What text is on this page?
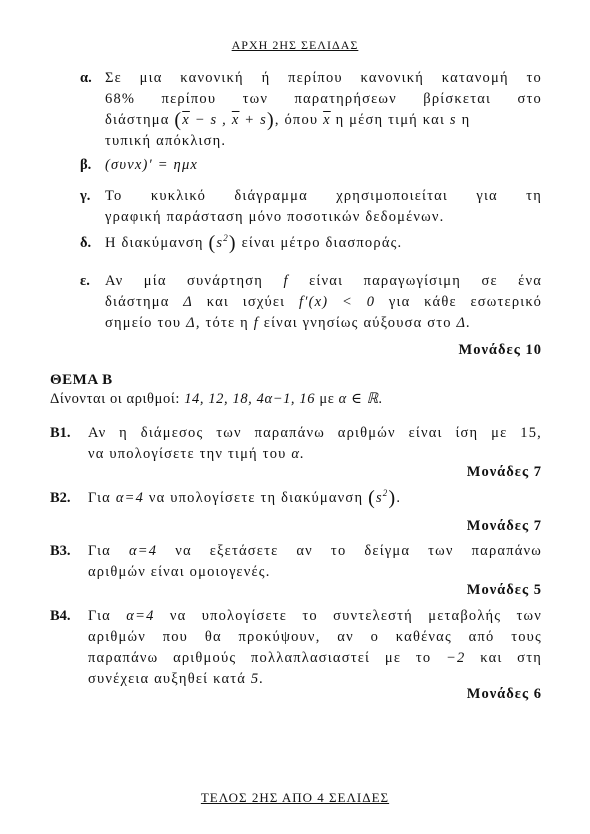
ΑΡΧΗ 2ΗΣ ΣΕΛΙΔΑΣ
α. Σε μια κανονική ή περίπου κανονική κατανομή το
68% περίπου των παρατηρήσεων βρίσκεται στο
διάστημα ($\overline{x} - s$ , $\overline{x} + s$), όπου $\overline{x}$ η μέση τιμή και s η
τυπική απόκλιση.
β. (συνx)′ = ημx
γ. Το κυκλικό διάγραμμα χρησιμοποιείται για τη
γραφική παράσταση μόνο ποσοτικών δεδομένων.
δ. Η διακύμανση $(s^2)$ είναι μέτρο διασποράς.
ε. Αν μία συνάρτηση f είναι παραγωγίσιμη σε ένα
διάστημα Δ και ισχύει f′(x) < 0 για κάθε εσωτερικό
σημείο του Δ, τότε η f είναι γνησίως αύξουσα στο Δ.
Μονάδες 10
ΘΕΜΑ Β
Δίνονται οι αριθμοί: 14, 12, 18, 4α−1, 16 με α ∈ ℝ.
Β1. Αν η διάμεσος των παραπάνω αριθμών είναι ίση με 15,
να υπολογίσετε την τιμή του α.
Μονάδες 7
Β2. Για α=4 να υπολογίσετε τη διακύμανση $(s^2)$.
Μονάδες 7
Β3. Για α=4 να εξετάσετε αν το δείγμα των παραπάνω
αριθμών είναι ομοιογενές.
Μονάδες 5
Β4. Για α=4 να υπολογίσετε το συντελεστή μεταβολής των
αριθμών που θα προκύψουν, αν ο καθένας από τους
παραπάνω αριθμούς πολλαπλασιαστεί με το −2 και στη
συνέχεια αυξηθεί κατά 5.
Μονάδες 6
ΤΕΛΟΣ 2ΗΣ ΑΠΟ 4 ΣΕΛΙΔΕΣ
